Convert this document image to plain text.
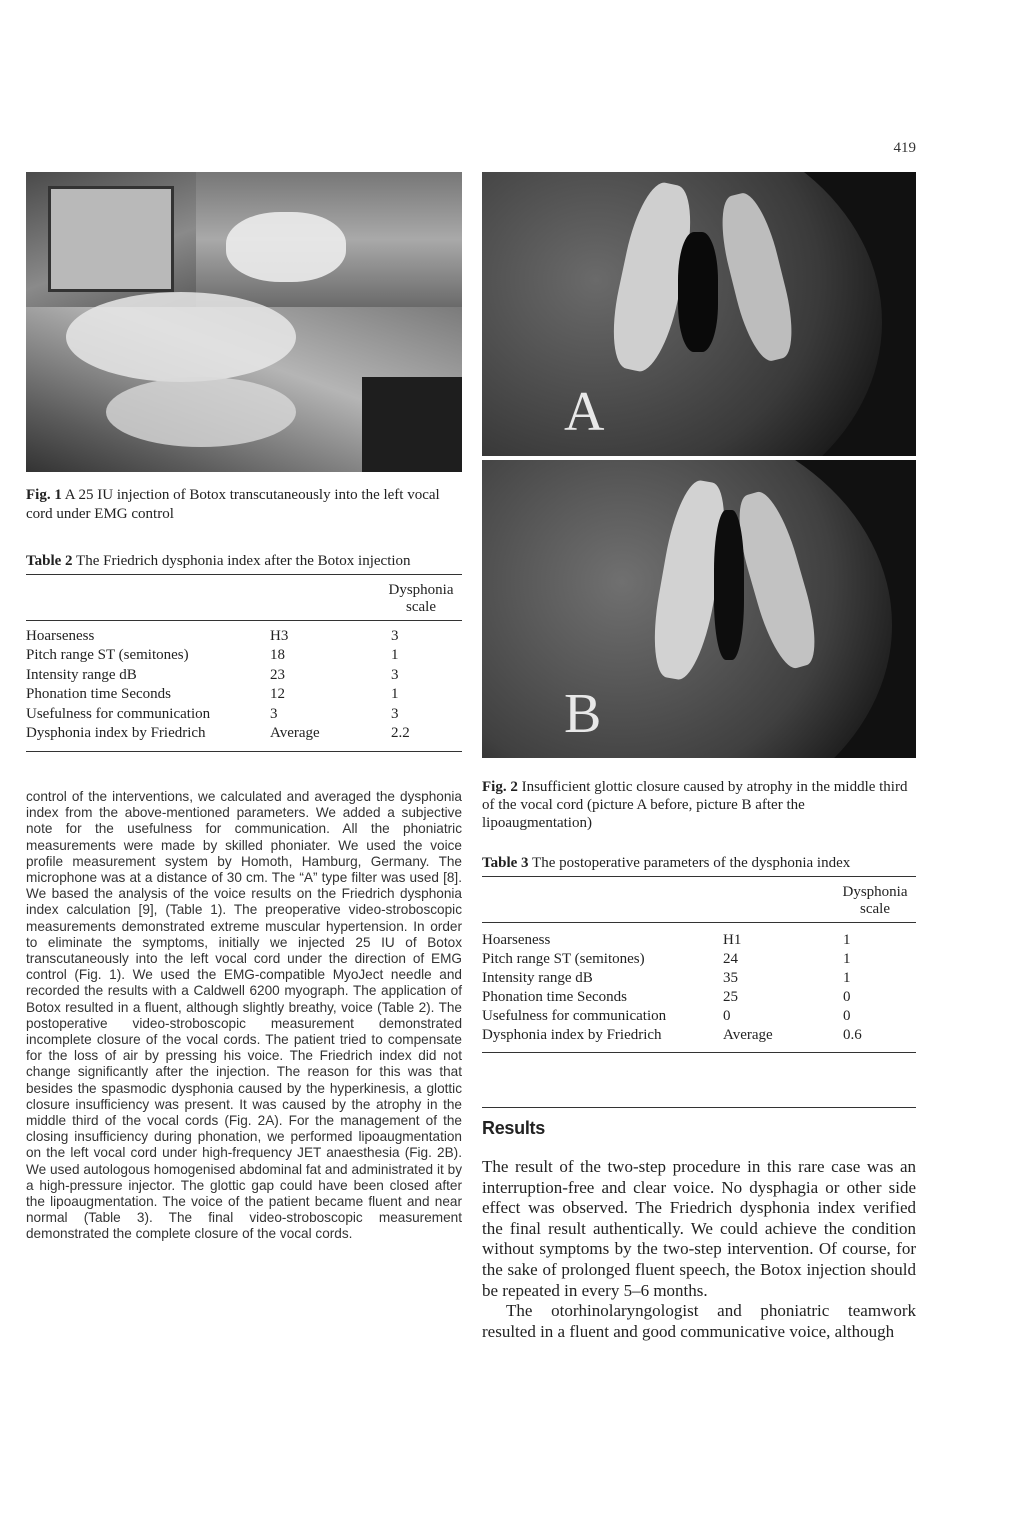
419
Fig. 1 A 25 IU injection of Botox transcutaneously into the left vocal cord under EMG control
Table 2 The Friedrich dysphonia index after the Botox injection
Dysphonia scale
Hoarseness	H3	3
Pitch range ST (semitones)	18	1
Intensity range dB	23	3
Phonation time Seconds	12	1
Usefulness for communication	3	3
Dysphonia index by Friedrich	Average	2.2
A
B
Fig. 2 Insufficient glottic closure caused by atrophy in the middle third of the vocal cord (picture A before, picture B after the lipoaugmentation)
Table 3 The postoperative parameters of the dysphonia index
Dysphonia scale
Hoarseness	H1	1
Pitch range ST (semitones)	24	1
Intensity range dB	35	1
Phonation time Seconds	25	0
Usefulness for communication	0	0
Dysphonia index by Friedrich	Average	0.6
control of the interventions, we calculated and averaged the dysphonia index from the above-mentioned parameters. We added a subjective note for the usefulness for communication. All the phoniatric measurements were made by skilled phoniater. We used the voice profile measurement system by Homoth, Hamburg, Germany. The microphone was at a distance of 30 cm. The “A” type filter was used [8]. We based the analysis of the voice results on the Friedrich dysphonia index calculation [9], (Table 1). The preoperative video-stroboscopic measurements demonstrated extreme muscular hypertension. In order to eliminate the symptoms, initially we injected 25 IU of Botox transcutaneously into the left vocal cord under the direction of EMG control (Fig. 1). We used the EMG-compatible MyoJect needle and recorded the results with a Caldwell 6200 myograph. The application of Botox resulted in a fluent, although slightly breathy, voice (Table 2). The postoperative video-stroboscopic measurement demonstrated incomplete closure of the vocal cords. The patient tried to compensate for the loss of air by pressing his voice. The Friedrich index did not change significantly after the injection. The reason for this was that besides the spasmodic dysphonia caused by the hyperkinesis, a glottic closure insufficiency was present. It was caused by the atrophy in the middle third of the vocal cords (Fig. 2A). For the management of the closing insufficiency during phonation, we performed lipoaugmentation on the left vocal cord under high-frequency JET anaesthesia (Fig. 2B). We used autologous homogenised abdominal fat and administrated it by a high-pressure injector. The glottic gap could have been closed after the lipoaugmentation. The voice of the patient became fluent and near normal (Table 3). The final video-stroboscopic measurement demonstrated the complete closure of the vocal cords.
Results

The result of the two-step procedure in this rare case was an interruption-free and clear voice. No dysphagia or other side effect was observed. The Friedrich dysphonia index verified the final result authentically. We could achieve the condition without symptoms by the two-step intervention. Of course, for the sake of prolonged fluent speech, the Botox injection should be repeated in every 5–6 months.

The otorhinolaryngologist and phoniatric teamwork resulted in a fluent and good communicative voice, although
